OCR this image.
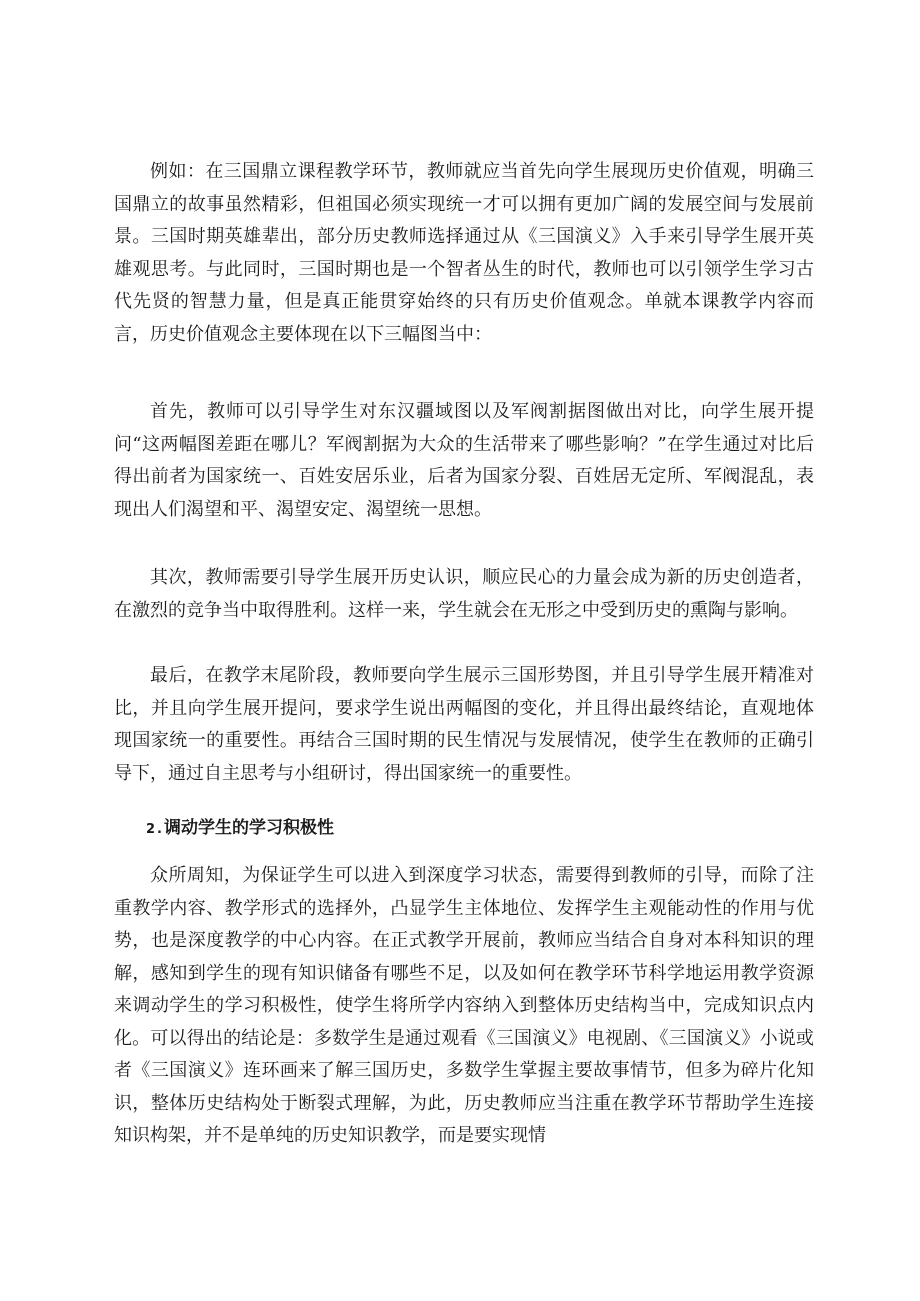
例如：在三国鼎立课程教学环节，教师就应当首先向学生展现历史价值观，明确三国鼎立的故事虽然精彩，但祖国必须实现统一才可以拥有更加广阔的发展空间与发展前景。三国时期英雄辈出，部分历史教师选择通过从《三国演义》入手来引导学生展开英雄观思考。与此同时，三国时期也是一个智者丛生的时代，教师也可以引领学生学习古代先贤的智慧力量，但是真正能贯穿始终的只有历史价值观念。单就本课教学内容而言，历史价值观念主要体现在以下三幅图当中：

首先，教师可以引导学生对东汉疆域图以及军阀割据图做出对比，向学生展开提问“这两幅图差距在哪儿？军阀割据为大众的生活带来了哪些影响？”在学生通过对比后得出前者为国家统一、百姓安居乐业，后者为国家分裂、百姓居无定所、军阀混乱，表现出人们渴望和平、渴望安定、渴望统一思想。

其次，教师需要引导学生展开历史认识，顺应民心的力量会成为新的历史创造者，在激烈的竞争当中取得胜利。这样一来，学生就会在无形之中受到历史的熏陶与影响。

最后，在教学末尾阶段，教师要向学生展示三国形势图，并且引导学生展开精准对比，并且向学生展开提问，要求学生说出两幅图的变化，并且得出最终结论，直观地体现国家统一的重要性。再结合三国时期的民生情况与发展情况，使学生在教师的正确引导下，通过自主思考与小组研讨，得出国家统一的重要性。

2.调动学生的学习积极性

众所周知，为保证学生可以进入到深度学习状态，需要得到教师的引导，而除了注重教学内容、教学形式的选择外，凸显学生主体地位、发挥学生主观能动性的作用与优势，也是深度教学的中心内容。在正式教学开展前，教师应当结合自身对本科知识的理解，感知到学生的现有知识储备有哪些不足，以及如何在教学环节科学地运用教学资源来调动学生的学习积极性，使学生将所学内容纳入到整体历史结构当中，完成知识点内化。可以得出的结论是：多数学生是通过观看《三国演义》电视剧、《三国演义》小说或者《三国演义》连环画来了解三国历史，多数学生掌握主要故事情节，但多为碎片化知识，整体历史结构处于断裂式理解，为此，历史教师应当注重在教学环节帮助学生连接知识构架，并不是单纯的历史知识教学，而是要实现情
